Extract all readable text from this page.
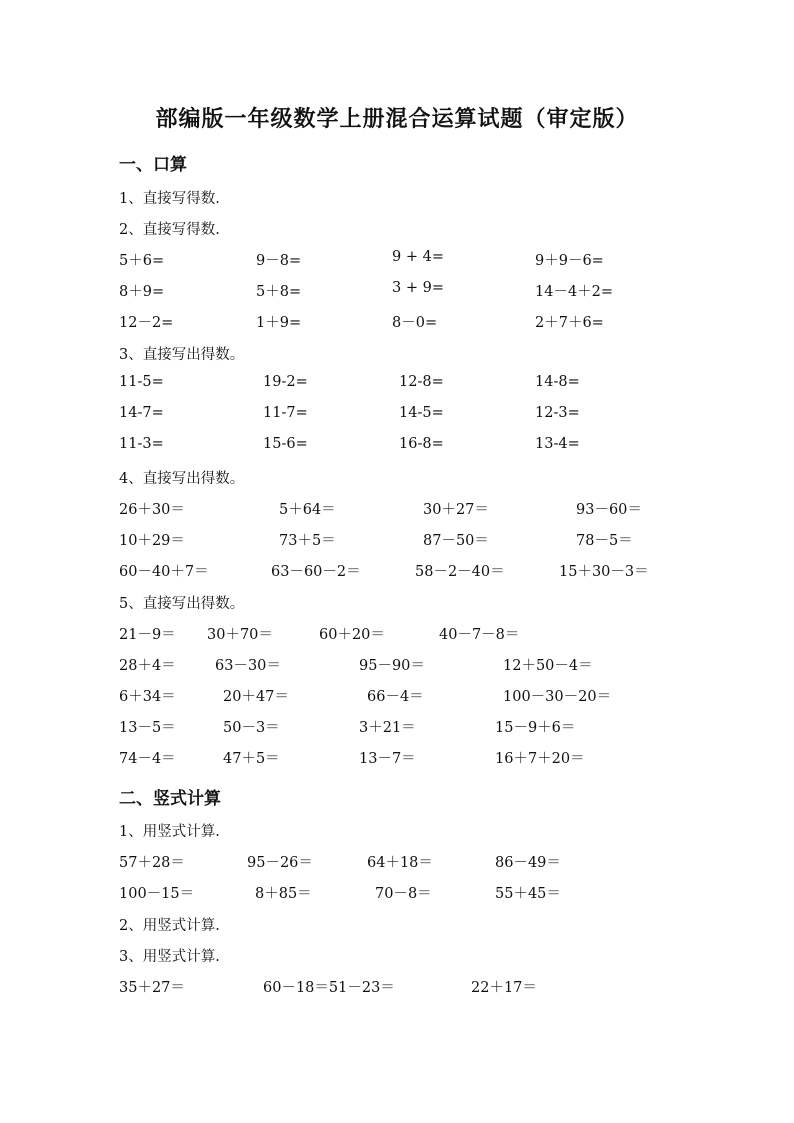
部编版一年级数学上册混合运算试题（审定版）
一、口算
1、直接写得数.
2、直接写得数.
5＋6=	9－8=	9 + 4=	9＋9－6=
8＋9=	5＋8=	3 + 9=	14－4＋2=
12－2=	1＋9=	8－0=	2＋7＋6=
3、直接写出得数。
11-5=	19-2=	12-8=	14-8=
14-7=	11-7=	14-5=	12-3=
11-3=	15-6=	16-8=	13-4=
4、直接写出得数。
26＋30＝	5＋64＝	30＋27＝	93－60＝
10＋29＝	73＋5＝	87－50＝	78－5＝
60－40＋7＝	63－60－2＝	58－2－40＝	15＋30－3＝
5、直接写出得数。
21－9＝ 30＋70＝	60＋20＝	40－7－8＝
28＋4＝	63－30＝	95－90＝	12＋50－4＝
6＋34＝	20＋47＝	66－4＝	100－30－20＝
13－5＝	50－3＝	3＋21＝	15－9＋6＝
74－4＝	47＋5＝	13－7＝	16＋7＋20＝
二、竖式计算
1、用竖式计算.
57＋28＝	95－26＝	64＋18＝	86－49＝
100－15＝	8＋85＝	70－8＝	55＋45＝
2、用竖式计算.
3、用竖式计算.
35＋27＝	60－18＝51－23＝	22＋17＝
